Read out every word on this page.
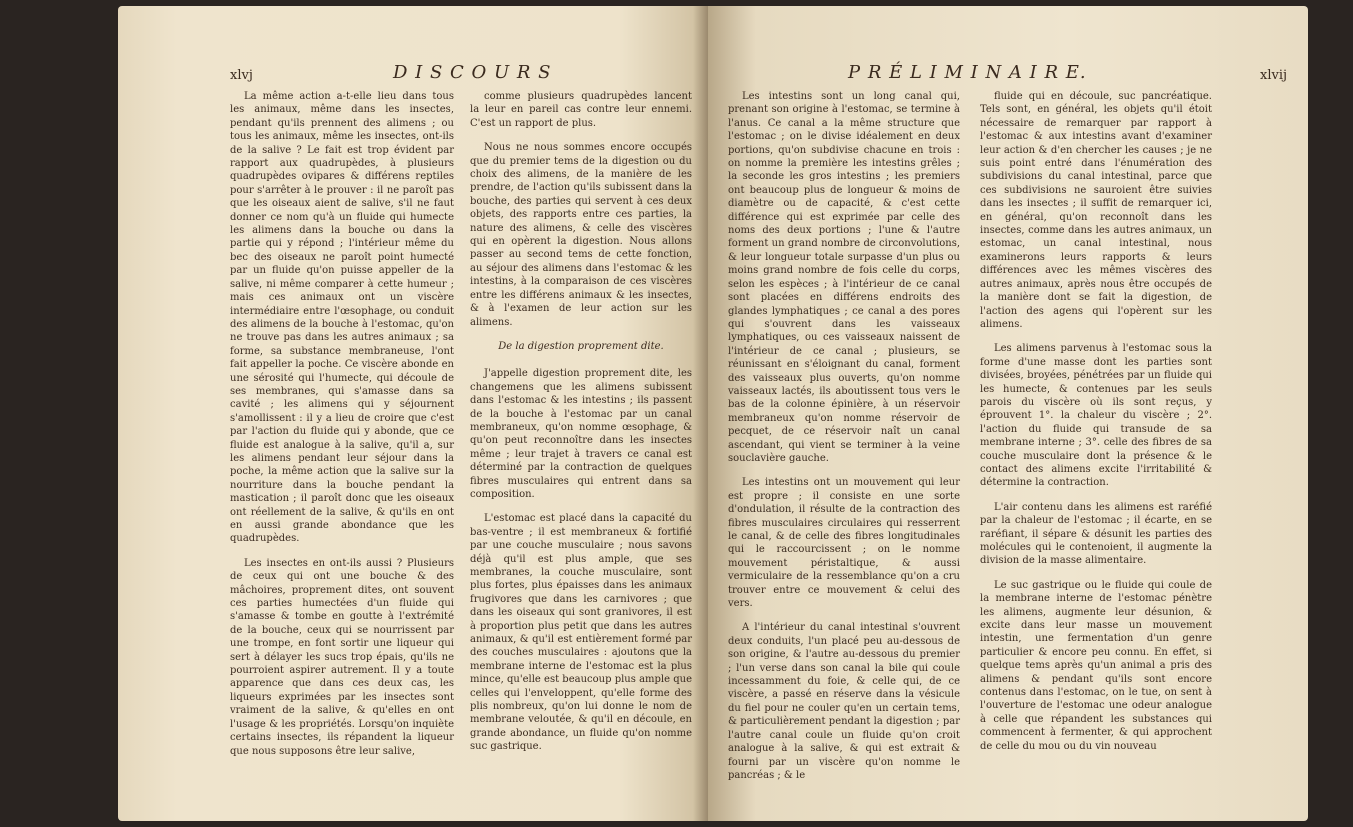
xlvj	D I S C O U R S

La même action a-t-elle lieu dans tous les animaux, même dans les insectes, pendant qu'ils prennent des alimens ; ou tous les animaux, même les insectes, ont-ils de la salive ? Le fait est trop évident par rapport aux quadrupèdes, à plusieurs quadrupèdes ovipares & différens reptiles pour s'arrêter à le prouver : il ne paroît pas que les oiseaux aient de salive, s'il ne faut donner ce nom qu'à un fluide qui humecte les alimens dans la bouche ou dans la partie qui y répond ; l'intérieur même du bec des oiseaux ne paroît point humecté par un fluide qu'on puisse appeller de la salive, ni même comparer à cette humeur ; mais ces animaux ont un viscère intermédiaire entre l'œsophage, ou conduit des alimens de la bouche à l'estomac, qu'on ne trouve pas dans les autres animaux ; sa forme, sa substance membraneuse, l'ont fait appeller la poche. Ce viscère abonde en une sérosité qui l'humecte, qui découle de ses membranes, qui s'amasse dans sa cavité ; les alimens qui y séjournent s'amollissent : il y a lieu de croire que c'est par l'action du fluide qui y abonde, que ce fluide est analogue à la salive, qu'il a, sur les alimens pendant leur séjour dans la poche, la même action que la salive sur la nourriture dans la bouche pendant la mastication ; il paroît donc que les oiseaux ont réellement de la salive, & qu'ils en ont en aussi grande abondance que les quadrupèdes.

Les insectes en ont-ils aussi ? Plusieurs de ceux qui ont une bouche & des mâchoires, proprement dites, ont souvent ces parties humectées d'un fluide qui s'amasse & tombe en goutte à l'extrémité de la bouche, ceux qui se nourrissent par une trompe, en font sortir une liqueur qui sert à délayer les sucs trop épais, qu'ils ne pourroient aspirer autrement. Il y a toute apparence que dans ces deux cas, les liqueurs exprimées par les insectes sont vraiment de la salive, & qu'elles en ont l'usage & les propriétés. Lorsqu'on inquiète certains insectes, ils répandent la liqueur que nous supposons être leur salive,

comme plusieurs quadrupèdes lancent la leur en pareil cas contre leur ennemi. C'est un rapport de plus.

Nous ne nous sommes encore occupés que du premier tems de la digestion ou du choix des alimens, de la manière de les prendre, de l'action qu'ils subissent dans la bouche, des parties qui servent à ces deux objets, des rapports entre ces parties, la nature des alimens, & celle des viscères qui en opèrent la digestion. Nous allons passer au second tems de cette fonction, au séjour des alimens dans l'estomac & les intestins, à la comparaison de ces viscères entre les différens animaux & les insectes, & à l'examen de leur action sur les alimens.

De la digestion proprement dite.

J'appelle digestion proprement dite, les changemens que les alimens subissent dans l'estomac & les intestins ; ils passent de la bouche à l'estomac par un canal membraneux, qu'on nomme œsophage, & qu'on peut reconnoître dans les insectes même ; leur trajet à travers ce canal est déterminé par la contraction de quelques fibres musculaires qui entrent dans sa composition.

L'estomac est placé dans la capacité du bas-ventre ; il est membraneux & fortifié par une couche musculaire ; nous savons déjà qu'il est plus ample, que ses membranes, la couche musculaire, sont plus fortes, plus épaisses dans les animaux frugivores que dans les carnivores ; que dans les oiseaux qui sont granivores, il est à proportion plus petit que dans les autres animaux, & qu'il est entièrement formé par des couches musculaires : ajoutons que la membrane interne de l'estomac est la plus mince, qu'elle est beaucoup plus ample que celles qui l'enveloppent, qu'elle forme des plis nombreux, qu'on lui donne le nom de membrane veloutée, & qu'il en découle, en grande abondance, un fluide qu'on nomme suc gastrique.

P R É L I M I N A I R E.	xlvij

Les intestins sont un long canal qui, prenant son origine à l'estomac, se termine à l'anus. Ce canal a la même structure que l'estomac ; on le divise idéalement en deux portions, qu'on subdivise chacune en trois : on nomme la première les intestins grêles ; la seconde les gros intestins ; les premiers ont beaucoup plus de longueur & moins de diamètre ou de capacité, & c'est cette différence qui est exprimée par celle des noms des deux portions ; l'une & l'autre forment un grand nombre de circonvolutions, & leur longueur totale surpasse d'un plus ou moins grand nombre de fois celle du corps, selon les espèces ; à l'intérieur de ce canal sont placées en différens endroits des glandes lymphatiques ; ce canal a des pores qui s'ouvrent dans les vaisseaux lymphatiques, ou ces vaisseaux naissent de l'intérieur de ce canal ; plusieurs, se réunissant en s'éloignant du canal, forment des vaisseaux plus ouverts, qu'on nomme vaisseaux lactés, ils aboutissent tous vers le bas de la colonne épinière, à un réservoir membraneux qu'on nomme réservoir de pecquet, de ce réservoir naît un canal ascendant, qui vient se terminer à la veine souclavière gauche.

Les intestins ont un mouvement qui leur est propre ; il consiste en une sorte d'ondulation, il résulte de la contraction des fibres musculaires circulaires qui resserrent le canal, & de celle des fibres longitudinales qui le raccourcissent ; on le nomme mouvement péristaltique, & aussi vermiculaire de la ressemblance qu'on a cru trouver entre ce mouvement & celui des vers.

A l'intérieur du canal intestinal s'ouvrent deux conduits, l'un placé peu au-dessous de son origine, & l'autre au-dessous du premier ; l'un verse dans son canal la bile qui coule incessamment du foie, & celle qui, de ce viscère, a passé en réserve dans la vésicule du fiel pour ne couler qu'en un certain tems, & particulièrement pendant la digestion ; par l'autre canal coule un fluide qu'on croit analogue à la salive, & qui est extrait & fourni par un viscère qu'on nomme le pancréas ; & le

fluide qui en découle, suc pancréatique. Tels sont, en général, les objets qu'il étoit nécessaire de remarquer par rapport à l'estomac & aux intestins avant d'examiner leur action & d'en chercher les causes ; je ne suis point entré dans l'énumération des subdivisions du canal intestinal, parce que ces subdivisions ne sauroient être suivies dans les insectes ; il suffit de remarquer ici, en général, qu'on reconnoît dans les insectes, comme dans les autres animaux, un estomac, un canal intestinal, nous examinerons leurs rapports & leurs différences avec les mêmes viscères des autres animaux, après nous être occupés de la manière dont se fait la digestion, de l'action des agens qui l'opèrent sur les alimens.

Les alimens parvenus à l'estomac sous la forme d'une masse dont les parties sont divisées, broyées, pénétrées par un fluide qui les humecte, & contenues par les seuls parois du viscère où ils sont reçus, y éprouvent 1°. la chaleur du viscère ; 2°. l'action du fluide qui transude de sa membrane interne ; 3°. celle des fibres de sa couche musculaire dont la présence & le contact des alimens excite l'irritabilité & détermine la contraction.

L'air contenu dans les alimens est raréfié par la chaleur de l'estomac ; il écarte, en se raréfiant, il sépare & désunit les parties des molécules qui le contenoient, il augmente la division de la masse alimentaire.

Le suc gastrique ou le fluide qui coule de la membrane interne de l'estomac pénètre les alimens, augmente leur désunion, & excite dans leur masse un mouvement intestin, une fermentation d'un genre particulier & encore peu connu. En effet, si quelque tems après qu'un animal a pris des alimens & pendant qu'ils sont encore contenus dans l'estomac, on le tue, on sent à l'ouverture de l'estomac une odeur analogue à celle que répandent les substances qui commencent à fermenter, & qui approchent de celle du mou ou du vin nouveau
